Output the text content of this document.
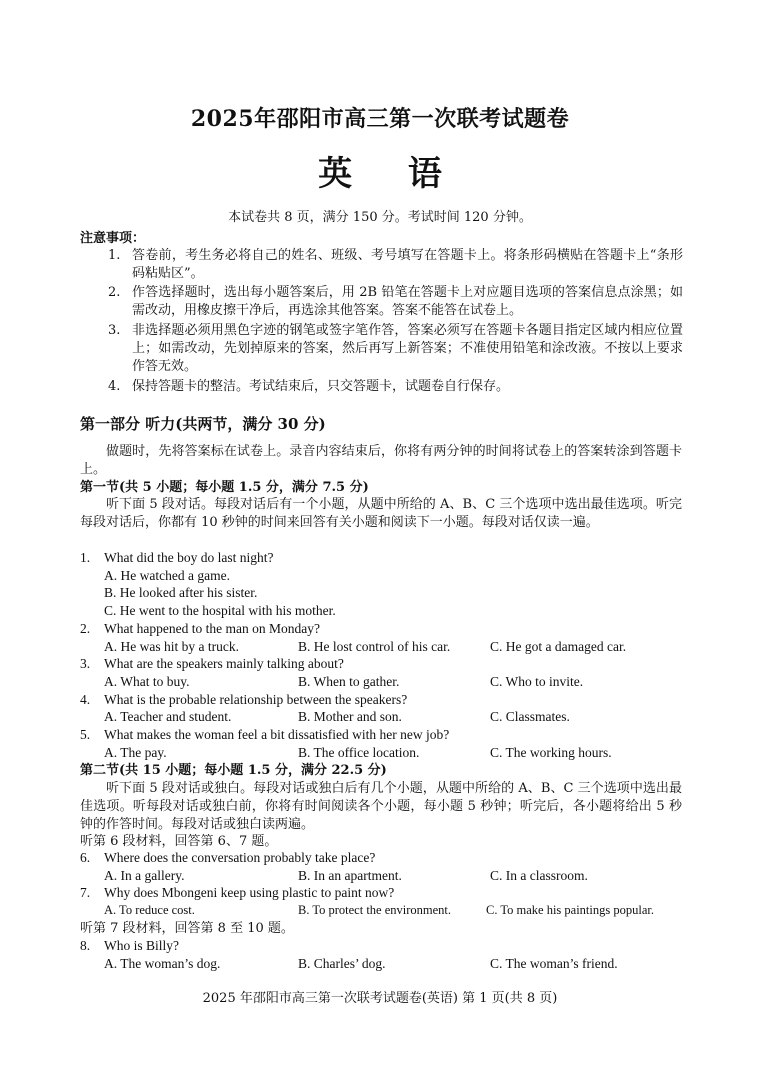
2025年邵阳市高三第一次联考试题卷
英 语
本试卷共 8 页，满分 150 分。考试时间 120 分钟。
注意事项：
1. 答卷前，考生务必将自己的姓名、班级、考号填写在答题卡上。将条形码横贴在答题卡上“条形码粘贴区”。
2. 作答选择题时，选出每小题答案后，用 2B 铅笔在答题卡上对应题目选项的答案信息点涂黑；如需改动，用橡皮擦干净后，再选涂其他答案。答案不能答在试卷上。
3. 非选择题必须用黑色字迹的钢笔或签字笔作答，答案必须写在答题卡各题目指定区域内相应位置上；如需改动，先划掉原来的答案，然后再写上新答案；不准使用铅笔和涂改液。不按以上要求作答无效。
4. 保持答题卡的整洁。考试结束后，只交答题卡，试题卷自行保存。
第一部分 听力(共两节，满分 30 分)
做题时，先将答案标在试卷上。录音内容结束后，你将有两分钟的时间将试卷上的答案转涂到答题卡上。
第一节(共 5 小题；每小题 1.5 分，满分 7.5 分)
听下面 5 段对话。每段对话后有一个小题，从题中所给的 A、B、C 三个选项中选出最佳选项。听完每段对话后，你都有 10 秒钟的时间来回答有关小题和阅读下一小题。每段对话仅读一遍。
1. What did the boy do last night?
A. He watched a game.
B. He looked after his sister.
C. He went to the hospital with his mother.
2. What happened to the man on Monday?
A. He was hit by a truck.	B. He lost control of his car.	C. He got a damaged car.
3. What are the speakers mainly talking about?
A. What to buy.	B. When to gather.	C. Who to invite.
4. What is the probable relationship between the speakers?
A. Teacher and student.	B. Mother and son.	C. Classmates.
5. What makes the woman feel a bit dissatisfied with her new job?
A. The pay.	B. The office location.	C. The working hours.
第二节(共 15 小题；每小题 1.5 分，满分 22.5 分)
听下面 5 段对话或独白。每段对话或独白后有几个小题，从题中所给的 A、B、C 三个选项中选出最佳选项。听每段对话或独白前，你将有时间阅读各个小题，每小题 5 秒钟；听完后，各小题将给出 5 秒钟的作答时间。每段对话或独白读两遍。
听第 6 段材料，回答第 6、7 题。
6. Where does the conversation probably take place?
A. In a gallery.	B. In an apartment.	C. In a classroom.
7. Why does Mbongeni keep using plastic to paint now?
A. To reduce cost.	B. To protect the environment.	C. To make his paintings popular.
听第 7 段材料，回答第 8 至 10 题。
8. Who is Billy?
A. The woman’s dog.	B. Charles’ dog.	C. The woman’s friend.
2025 年邵阳市高三第一次联考试题卷(英语) 第 1 页(共 8 页)
